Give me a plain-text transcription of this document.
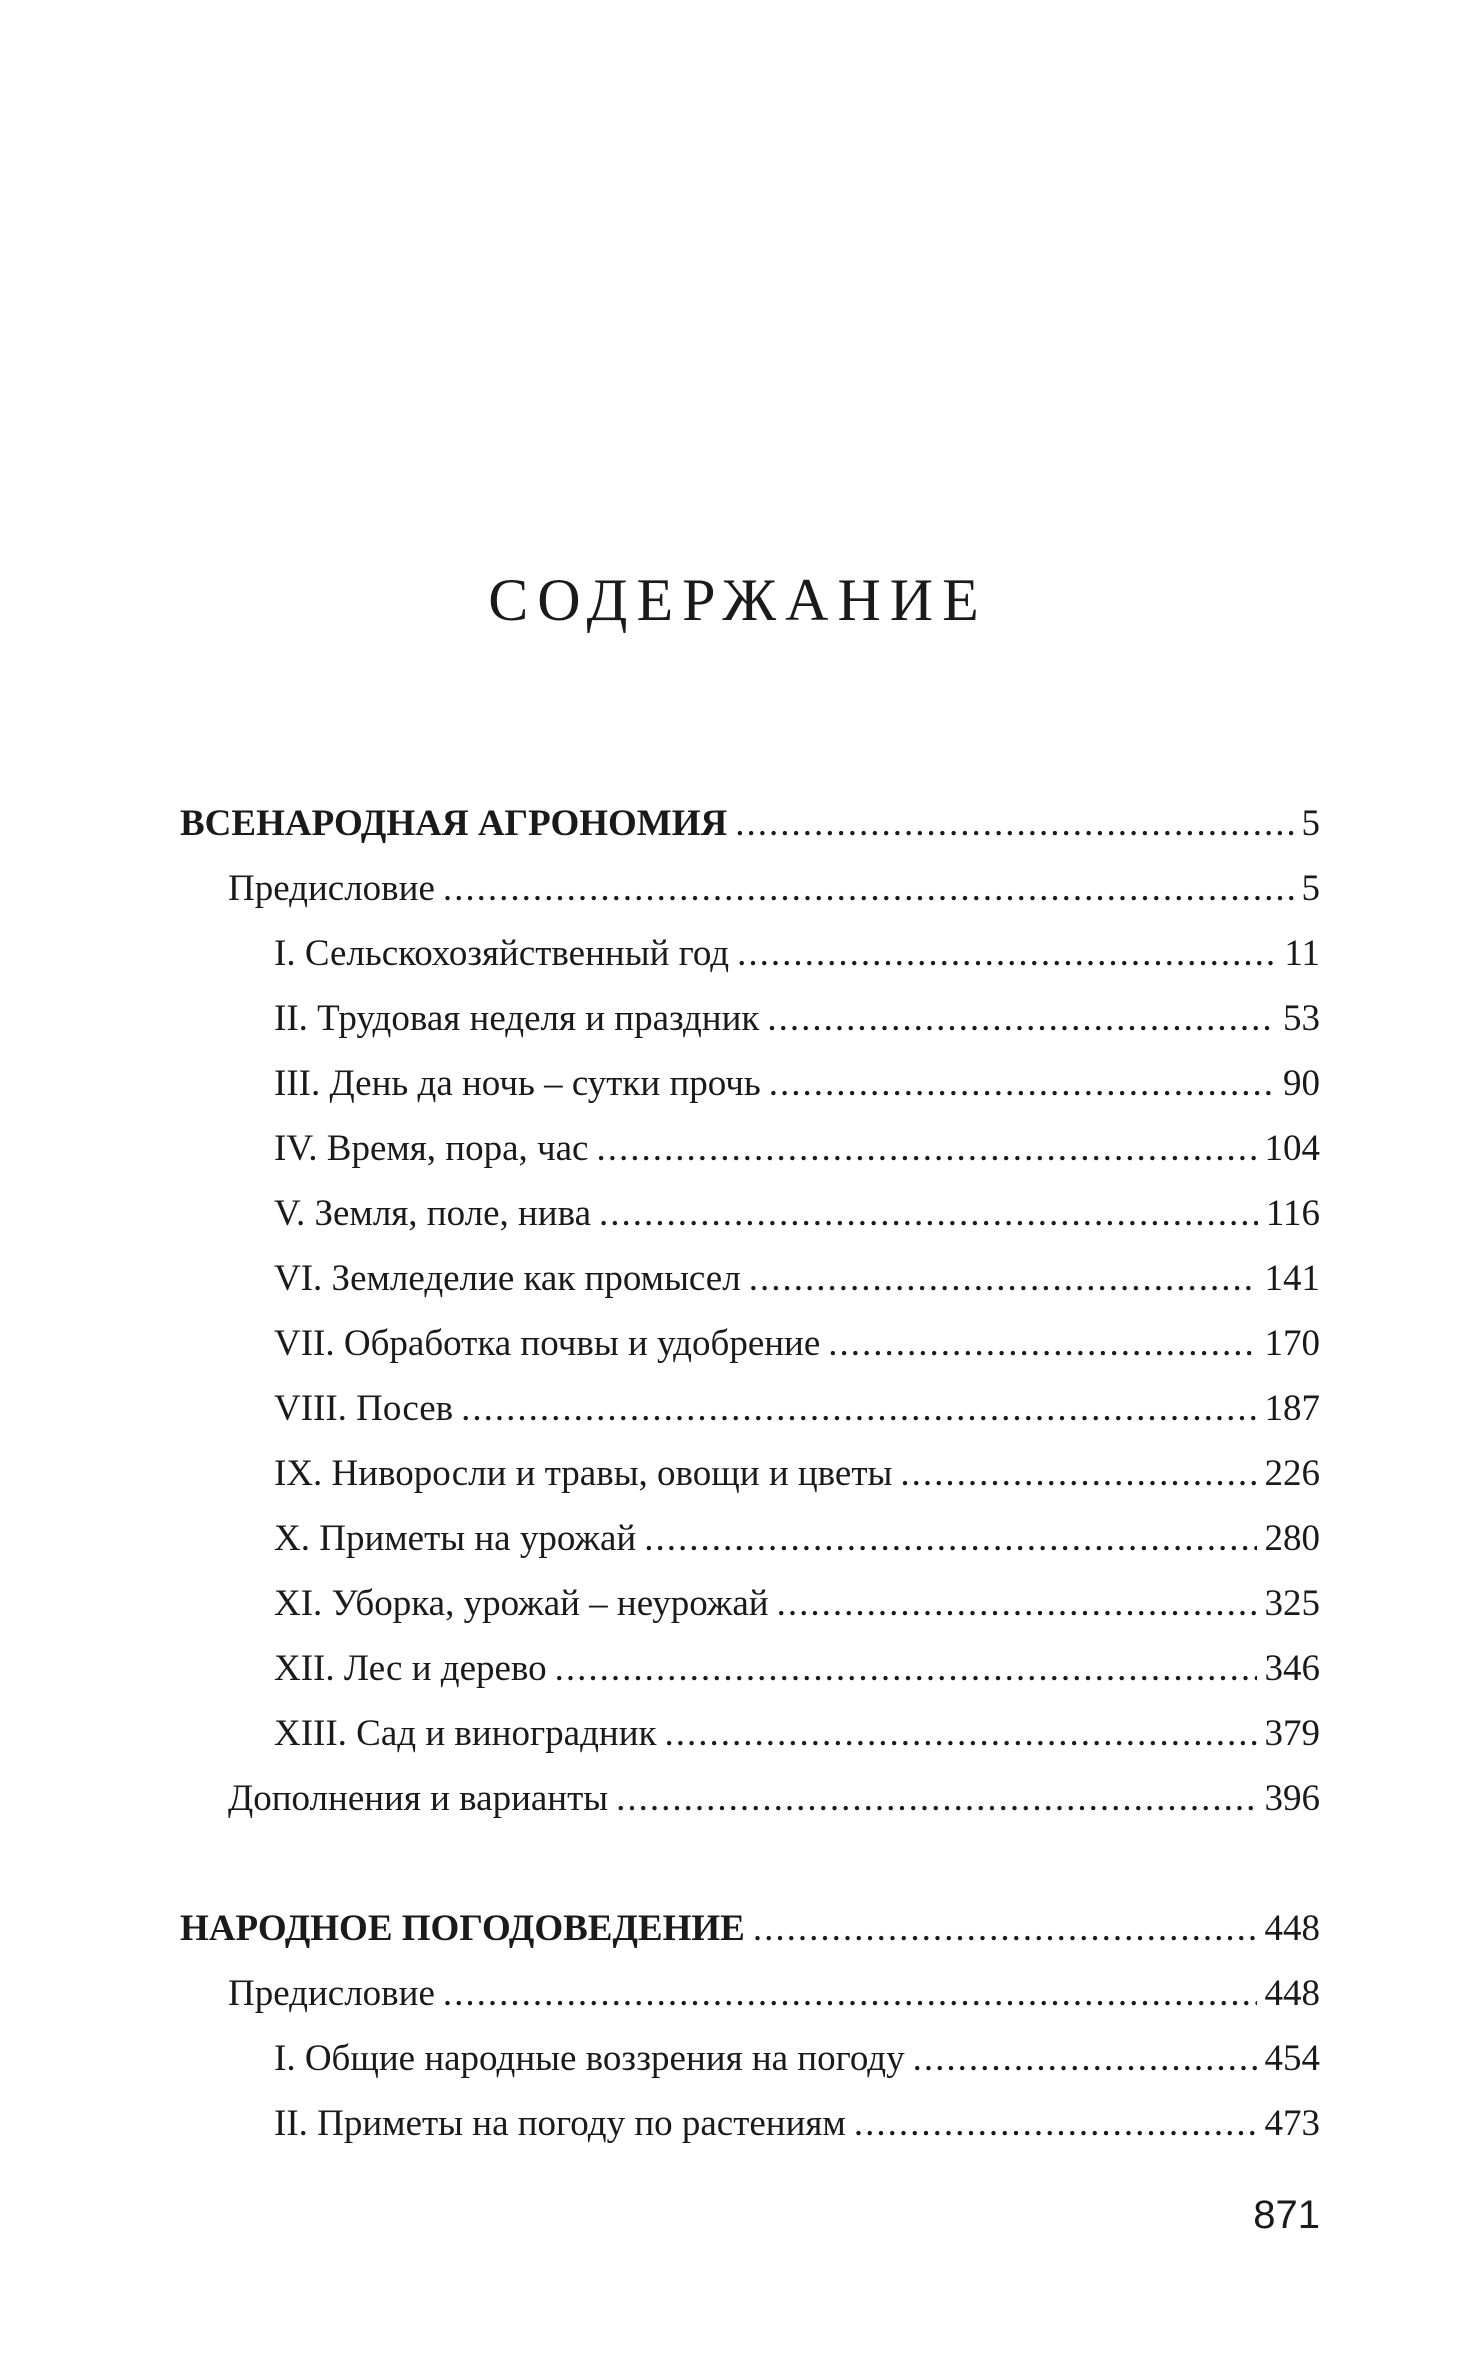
СОДЕРЖАНИЕ
ВСЕНАРОДНАЯ АГРОНОМИЯ .....	5
Предисловие .....	5
I. Сельскохозяйственный год .....	11
II. Трудовая неделя и праздник .....	53
III. День да ночь – сутки прочь .....	90
IV. Время, пора, час .....	104
V. Земля, поле, нива .....	116
VI. Земледелие как промысел .....	141
VII. Обработка почвы и удобрение .....	170
VIII. Посев .....	187
IX. Ниворосли и травы, овощи и цветы .....	226
X. Приметы на урожай .....	280
XI. Уборка, урожай – неурожай .....	325
XII. Лес и дерево .....	346
XIII. Сад и виноградник .....	379
Дополнения и варианты .....	396
НАРОДНОЕ ПОГОДОВЕДЕНИЕ .....	448
Предисловие .....	448
I. Общие народные воззрения на погоду .....	454
II. Приметы на погоду по растениям .....	473
871
